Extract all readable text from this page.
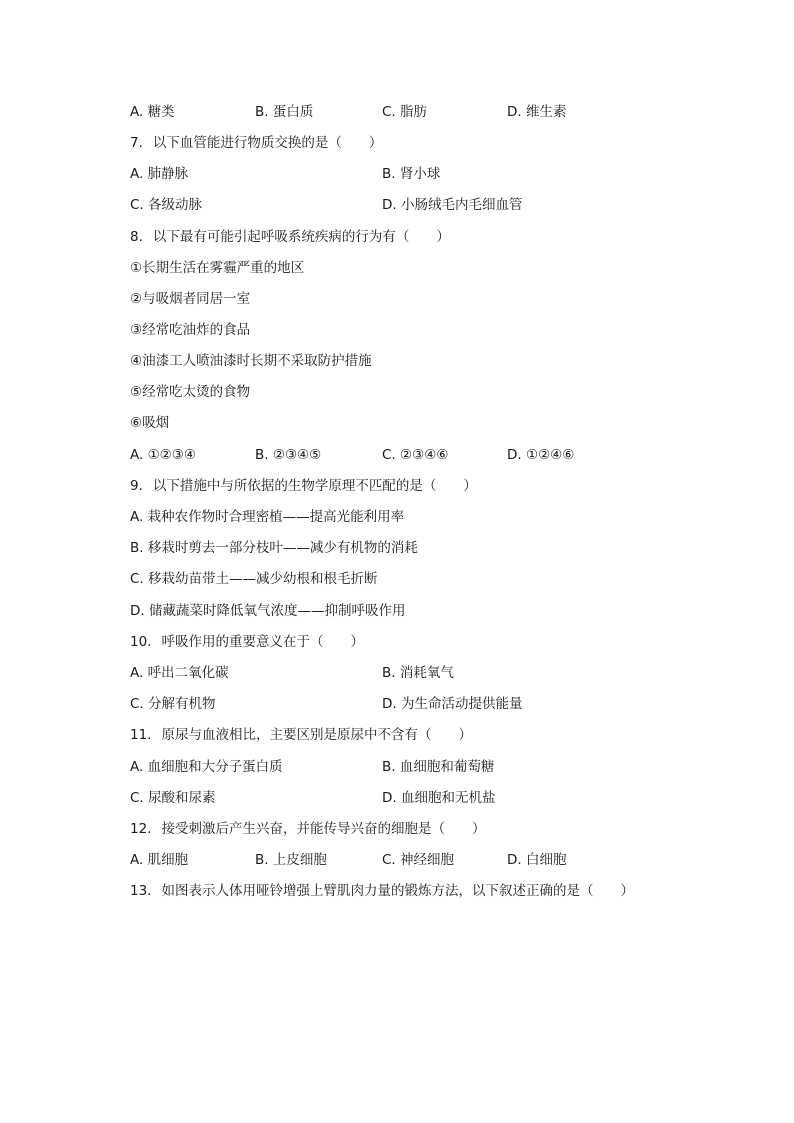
A. 糖类	B. 蛋白质	C. 脂肪	D. 维生素
7. 以下血管能进行物质交换的是（　　）
A. 肺静脉	B. 肾小球
C. 各级动脉	D. 小肠绒毛内毛细血管
8. 以下最有可能引起呼吸系统疾病的行为有（　　）
①长期生活在雾霾严重的地区
②与吸烟者同居一室
③经常吃油炸的食品
④油漆工人喷油漆时长期不采取防护措施
⑤经常吃太烫的食物
⑥吸烟
A. ①②③④	B. ②③④⑤	C. ②③④⑥	D. ①②④⑥
9. 以下措施中与所依据的生物学原理不匹配的是（　　）
A. 栽种农作物时合理密植——提高光能利用率
B. 移栽时剪去一部分枝叶——减少有机物的消耗
C. 移栽幼苗带土——减少幼根和根毛折断
D. 储藏蔬菜时降低氧气浓度——抑制呼吸作用
10. 呼吸作用的重要意义在于（　　）
A. 呼出二氧化碳	B. 消耗氧气
C. 分解有机物	D. 为生命活动提供能量
11. 原尿与血液相比，主要区别是原尿中不含有（　　）
A. 血细胞和大分子蛋白质	B. 血细胞和葡萄糖
C. 尿酸和尿素	D. 血细胞和无机盐
12. 接受刺激后产生兴奋，并能传导兴奋的细胞是（　　）
A. 肌细胞	B. 上皮细胞	C. 神经细胞	D. 白细胞
13. 如图表示人体用哑铃增强上臂肌肉力量的锻炼方法，以下叙述正确的是（　　）
